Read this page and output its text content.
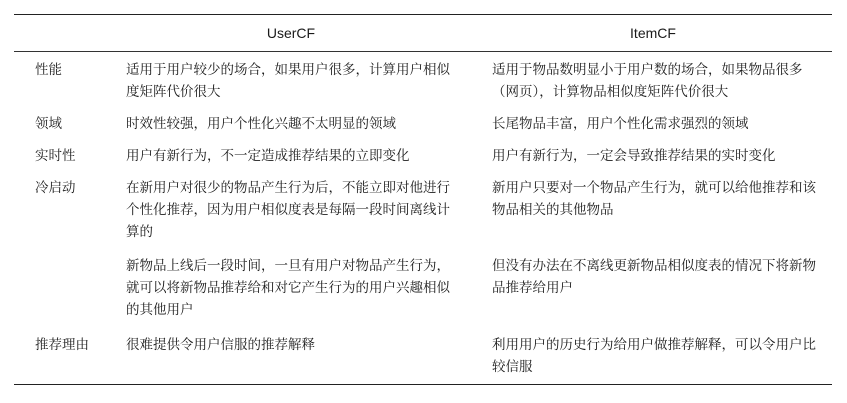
	UserCF	ItemCF
性能	适用于用户较少的场合，如果用户很多，计算用户相似度矩阵代价很大	适用于物品数明显小于用户数的场合，如果物品很多（网页），计算物品相似度矩阵代价很大
领域	时效性较强，用户个性化兴趣不太明显的领域	长尾物品丰富，用户个性化需求强烈的领域
实时性	用户有新行为，不一定造成推荐结果的立即变化	用户有新行为，一定会导致推荐结果的实时变化
冷启动	在新用户对很少的物品产生行为后，不能立即对他进行个性化推荐，因为用户相似度表是每隔一段时间离线计算的	新用户只要对一个物品产生行为，就可以给他推荐和该物品相关的其他物品
	新物品上线后一段时间，一旦有用户对物品产生行为，就可以将新物品推荐给和对它产生行为的用户兴趣相似的其他用户	但没有办法在不离线更新物品相似度表的情况下将新物品推荐给用户
推荐理由	很难提供令用户信服的推荐解释	利用用户的历史行为给用户做推荐解释，可以令用户比较信服
